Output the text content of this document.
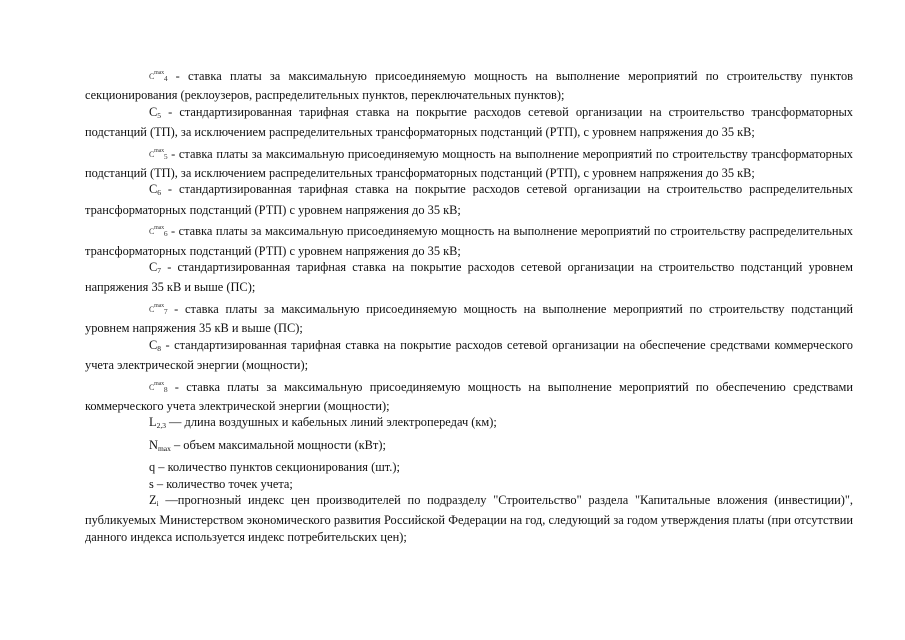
$C^{max}4$ - ставка платы за максимальную присоединяемую мощность на выполнение мероприятий по строительству пунктов секционирования (реклоузеров, распределительных пунктов, переключательных пунктов);

$C_5$ - стандартизированная тарифная ставка на покрытие расходов сетевой организации на строительство трансформаторных подстанций (ТП), за исключением распределительных трансформаторных подстанций (РТП), с уровнем напряжения до 35 кВ;

$C^{max}5$ - ставка платы за максимальную присоединяемую мощность на выполнение мероприятий по строительству трансформаторных подстанций (ТП), за исключением распределительных трансформаторных подстанций (РТП), с уровнем напряжения до 35 кВ;

$C_6$ - стандартизированная тарифная ставка на покрытие расходов сетевой организации на строительство распределительных трансформаторных подстанций (РТП) с уровнем напряжения до 35 кВ;

$C^{max}6$ - ставка платы за максимальную присоединяемую мощность на выполнение мероприятий по строительству распределительных трансформаторных подстанций (РТП) с уровнем напряжения до 35 кВ;

$C_7$ - стандартизированная тарифная ставка на покрытие расходов сетевой организации на строительство подстанций уровнем напряжения 35 кВ и выше (ПС);

$C^{max}7$ - ставка платы за максимальную присоединяемую мощность на выполнение мероприятий по строительству подстанций уровнем напряжения 35 кВ и выше (ПС);

$C_8$ - стандартизированная тарифная ставка на покрытие расходов сетевой организации на обеспечение средствами коммерческого учета электрической энергии (мощности);

$C^{max}8$ - ставка платы за максимальную присоединяемую мощность на выполнение мероприятий по обеспечению средствами коммерческого учета электрической энергии (мощности);

$L_{2,3}$ — длина воздушных и кабельных линий электропередач (км);

$N_{max}$ – объем максимальной мощности (кВт);

q – количество пунктов секционирования (шт.);

s – количество точек учета;

$Z_i$ —прогнозный индекс цен производителей по подразделу "Строительство" раздела "Капитальные вложения (инвестиции)", публикуемых Министерством экономического развития Российской Федерации на год, следующий за годом утверждения платы (при отсутствии данного индекса используется индекс потребительских цен);
